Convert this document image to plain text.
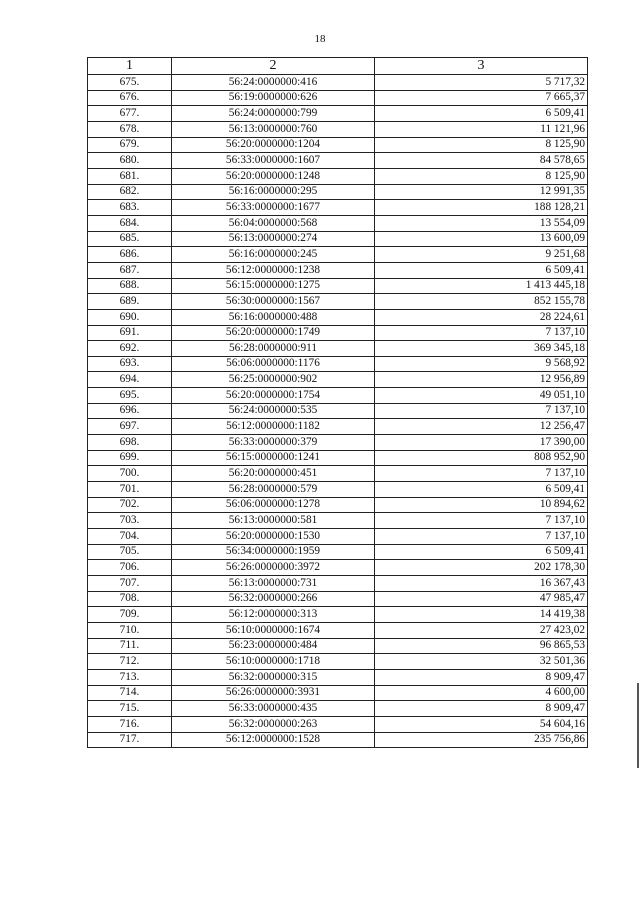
18
1	2	3
675.	56:24:0000000:416	5 717,32
676.	56:19:0000000:626	7 665,37
677.	56:24:0000000:799	6 509,41
678.	56:13:0000000:760	11 121,96
679.	56:20:0000000:1204	8 125,90
680.	56:33:0000000:1607	84 578,65
681.	56:20:0000000:1248	8 125,90
682.	56:16:0000000:295	12 991,35
683.	56:33:0000000:1677	188 128,21
684.	56:04:0000000:568	13 554,09
685.	56:13:0000000:274	13 600,09
686.	56:16:0000000:245	9 251,68
687.	56:12:0000000:1238	6 509,41
688.	56:15:0000000:1275	1 413 445,18
689.	56:30:0000000:1567	852 155,78
690.	56:16:0000000:488	28 224,61
691.	56:20:0000000:1749	7 137,10
692.	56:28:0000000:911	369 345,18
693.	56:06:0000000:1176	9 568,92
694.	56:25:0000000:902	12 956,89
695.	56:20:0000000:1754	49 051,10
696.	56:24:0000000:535	7 137,10
697.	56:12:0000000:1182	12 256,47
698.	56:33:0000000:379	17 390,00
699.	56:15:0000000:1241	808 952,90
700.	56:20:0000000:451	7 137,10
701.	56:28:0000000:579	6 509,41
702.	56:06:0000000:1278	10 894,62
703.	56:13:0000000:581	7 137,10
704.	56:20:0000000:1530	7 137,10
705.	56:34:0000000:1959	6 509,41
706.	56:26:0000000:3972	202 178,30
707.	56:13:0000000:731	16 367,43
708.	56:32:0000000:266	47 985,47
709.	56:12:0000000:313	14 419,38
710.	56:10:0000000:1674	27 423,02
711.	56:23:0000000:484	96 865,53
712.	56:10:0000000:1718	32 501,36
713.	56:32:0000000:315	8 909,47
714.	56:26:0000000:3931	4 600,00
715.	56:33:0000000:435	8 909,47
716.	56:32:0000000:263	54 604,16
717.	56:12:0000000:1528	235 756,86
